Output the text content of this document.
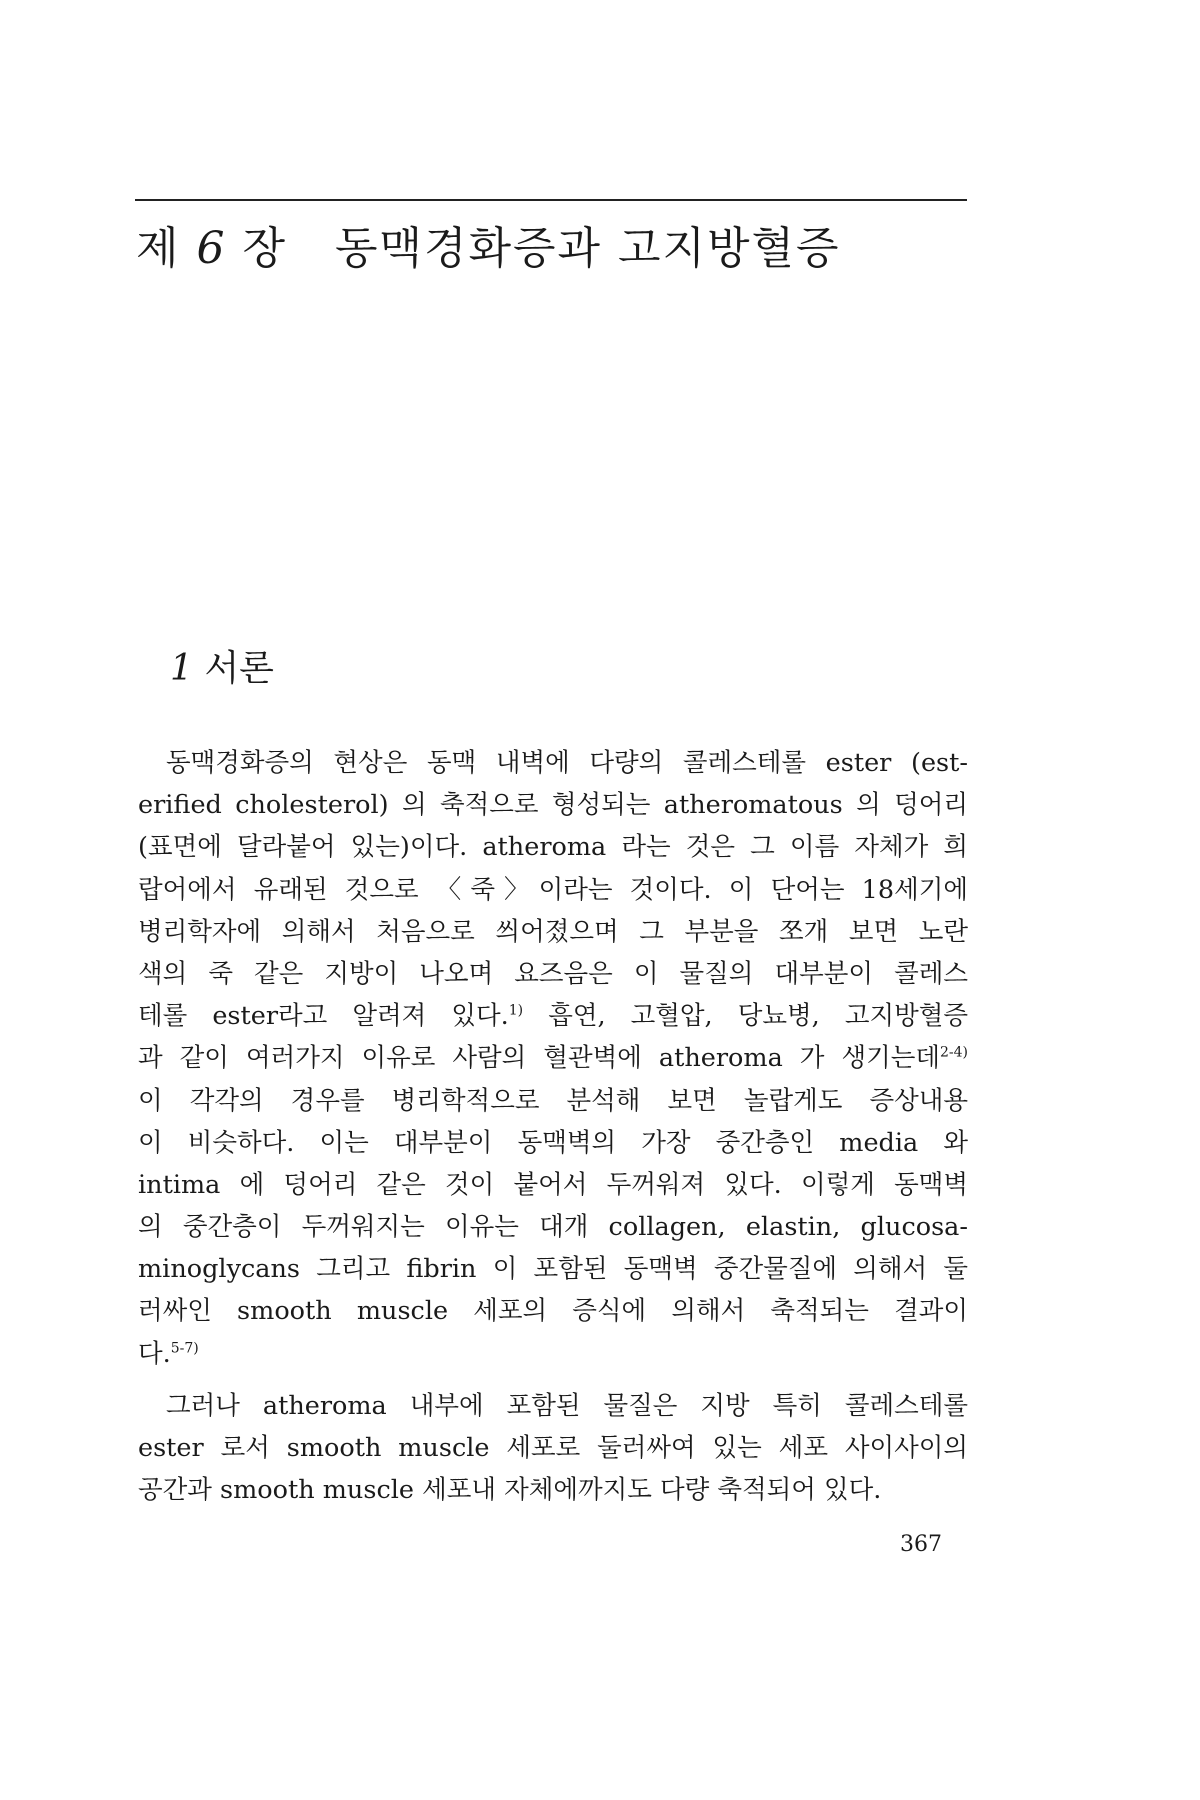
제 6 장 동맥경화증과 고지방혈증
1 서론
동맥경화증의 현상은 동맥 내벽에 다량의 콜레스테롤 ester (est-
erified cholesterol) 의 축적으로 형성되는 atheromatous 의 덩어리
(표면에 달라붙어 있는)이다. atheroma 라는 것은 그 이름 자체가 희
랍어에서 유래된 것으로 〈죽〉이라는 것이다. 이 단어는 18세기에
병리학자에 의해서 처음으로 씌어졌으며 그 부분을 쪼개 보면 노란
색의 죽 같은 지방이 나오며 요즈음은 이 물질의 대부분이 콜레스
테롤 ester라고 알려져 있다.$^{1)}$ 흡연, 고혈압, 당뇨병, 고지방혈증
과 같이 여러가지 이유로 사람의 혈관벽에 atheroma 가 생기는데$^{2-4)}$
이 각각의 경우를 병리학적으로 분석해 보면 놀랍게도 증상내용
이 비슷하다. 이는 대부분이 동맥벽의 가장 중간층인 media 와
intima 에 덩어리 같은 것이 붙어서 두꺼워져 있다. 이렇게 동맥벽
의 중간층이 두꺼워지는 이유는 대개 collagen, elastin, glucosa-
minoglycans 그리고 fibrin 이 포함된 동맥벽 중간물질에 의해서 둘
러싸인 smooth muscle 세포의 증식에 의해서 축적되는 결과이
다.$^{5-7)}$
그러나 atheroma 내부에 포함된 물질은 지방 특히 콜레스테롤
ester 로서 smooth muscle 세포로 둘러싸여 있는 세포 사이사이의
공간과 smooth muscle 세포내 자체에까지도 다량 축적되어 있다.
367
